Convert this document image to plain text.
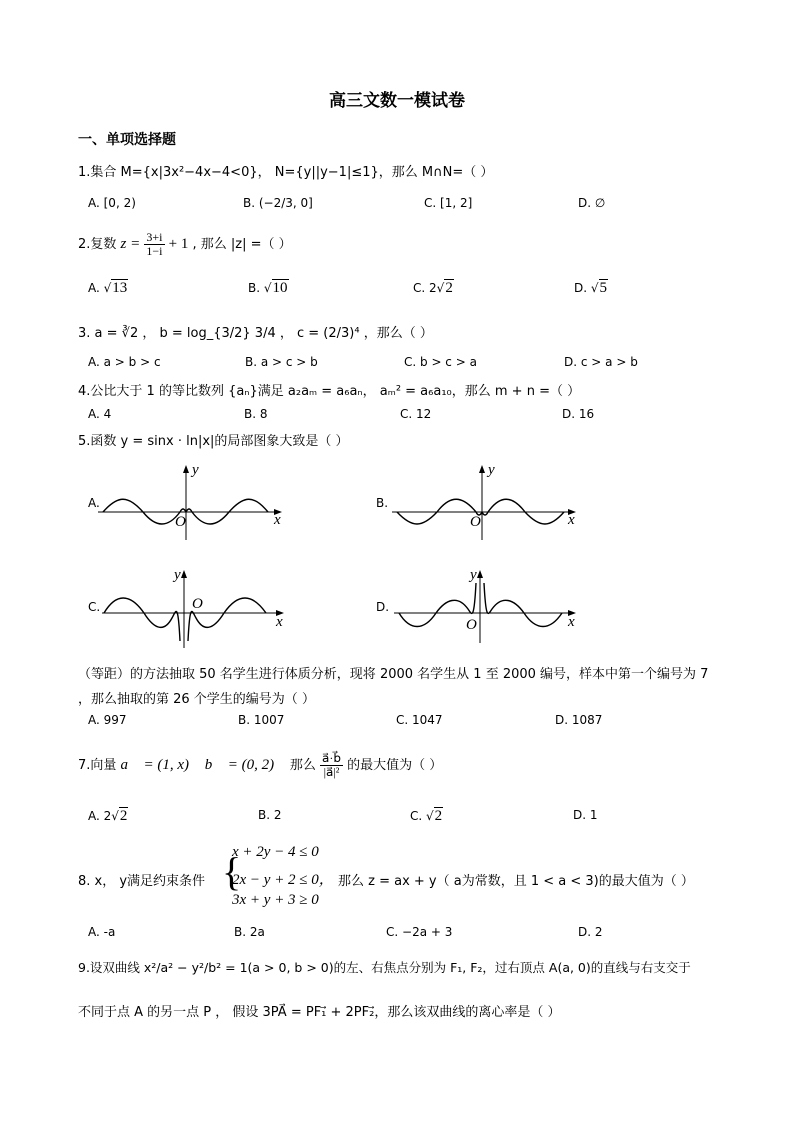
高三文数一模试卷
一、单项选择题
1.集合 M={x|3x²−4x−4<0}， N={y||y−1|≤1}，那么 M∩N=（ ）
A. [0, 2)	B. (−2/3, 0]	C. [1, 2]	D. ∅
2.复数 $z = \frac{3+i}{1-i} + 1$ , 那么 |z| =（ ）
A. √13	B. √10	C. 2√2	D. √5
3. a = ∛2 ， b = log_{3/2} 3/4 ， c = (2/3)⁴ ，那么（ ）
A. a > b > c	B. a > c > b	C. b > c > a	D. c > a > b
4.公比大于 1 的等比数列 {aₙ}满足 a₂aₘ = a₆aₙ， aₘ² = a₆a₁₀，那么 m + n =（ ）
A. 4	B. 8	C. 12	D. 16
5.函数 y = sinx · ln|x|的局部图象大致是（ ）
A.
O
y
x
B.
O
y
x
C.	O
y
x
D.
O
y
x
（等距）的方法抽取 50 名学生进行体质分析，现将 2000 名学生从 1 至 2000 编号，样本中第一个编号为 7
，那么抽取的第 26 个学生的编号为（ ）
A. 997	B. 1007	C. 1047	D. 1087
7.向量 a⃗ = (1, x)， b⃗ = (0, 2)， 那么 $\frac{a⃗\cdot b⃗}{\text{|a⃗|²}}$ 的最大值为（ ）
A. 2√2	B. 2	C. √2	D. 1
8. x， y满足约束条件 {
x + 2y − 4 ≤ 0
2x − y + 2 ≤ 0，
3x + y + 3 ≥ 0
那么 z = ax + y（ a为常数，且 1 < a < 3)的最大值为（ ）
A. -a	B. 2a	C. −2a + 3	D. 2
9.设双曲线 x²/a² − y²/b² = 1(a > 0, b > 0)的左、右焦点分别为 F₁, F₂，过右顶点 A(a, 0)的直线与右支交于
不同于点 A 的另一点 P ， 假设 3PA⃗ = PF₁⃗ + 2PF₂⃗，那么该双曲线的离心率是（ ）
